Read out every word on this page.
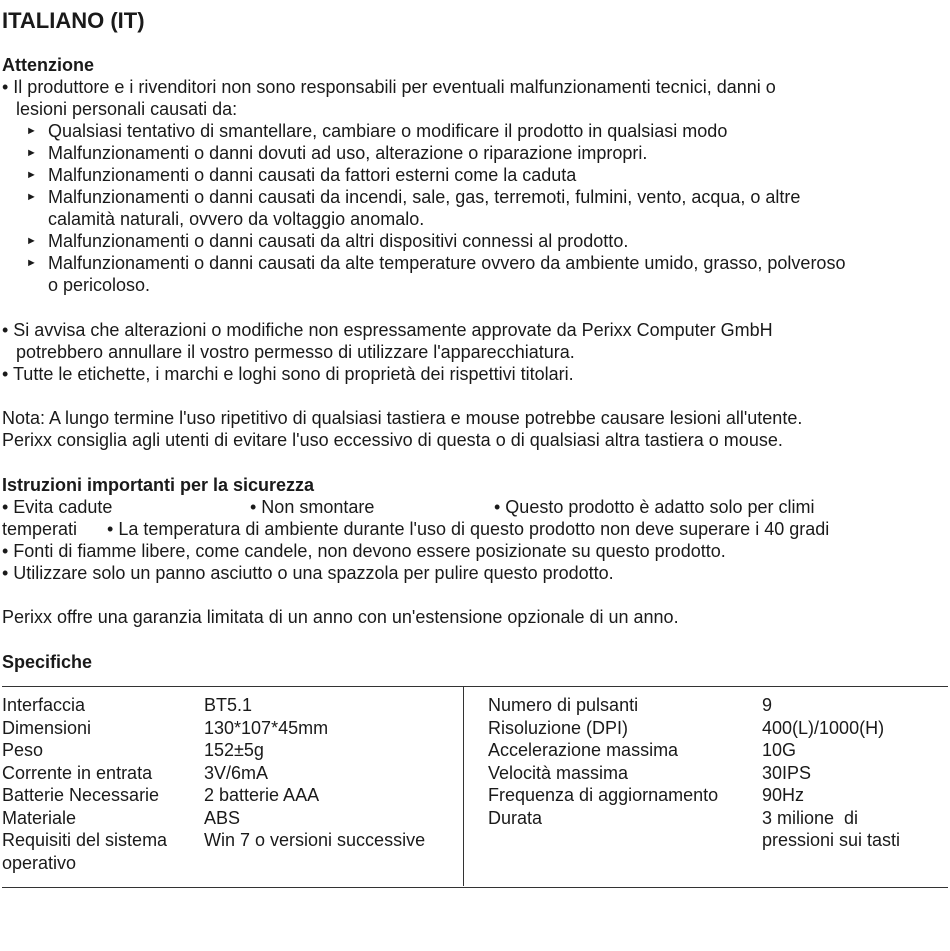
ITALIANO (IT)
Attenzione
• Il produttore e i rivenditori non sono responsabili per eventuali malfunzionamenti tecnici, danni o
lesioni personali causati da:
► Qualsiasi tentativo di smantellare, cambiare o modificare il prodotto in qualsiasi modo
► Malfunzionamenti o danni dovuti ad uso, alterazione o riparazione impropri.
► Malfunzionamenti o danni causati da fattori esterni come la caduta
► Malfunzionamenti o danni causati da incendi, sale, gas, terremoti, fulmini, vento, acqua, o altre
calamità naturali, ovvero da voltaggio anomalo.
► Malfunzionamenti o danni causati da altri dispositivi connessi al prodotto.
► Malfunzionamenti o danni causati da alte temperature ovvero da ambiente umido, grasso, polveroso
o pericoloso.
• Si avvisa che alterazioni o modifiche non espressamente approvate da Perixx Computer GmbH
potrebbero annullare il vostro permesso di utilizzare l'apparecchiatura.
• Tutte le etichette, i marchi e loghi sono di proprietà dei rispettivi titolari.
Nota: A lungo termine l'uso ripetitivo di qualsiasi tastiera e mouse potrebbe causare lesioni all'utente.
Perixx consiglia agli utenti di evitare l'uso eccessivo di questa o di qualsiasi altra tastiera o mouse.
Istruzioni importanti per la sicurezza
• Evita cadute	• Non smontare	• Questo prodotto è adatto solo per climi
temperati      • La temperatura di ambiente durante l'uso di questo prodotto non deve superare i 40 gradi
• Fonti di fiamme libere, come candele, non devono essere posizionate su questo prodotto.
• Utilizzare solo un panno asciutto o una spazzola per pulire questo prodotto.
Perixx offre una garanzia limitata di un anno con un'estensione opzionale di un anno.
Specifiche
Interfaccia
Dimensioni
Peso
Corrente in entrata
Batterie Necessarie
Materiale
Requisiti del sistema
operativo
BT5.1
130*107*45mm
152±5g
3V/6mA
2 batterie AAA
ABS
Win 7 o versioni successive
Numero di pulsanti
Risoluzione (DPI)
Accelerazione massima
Velocità massima
Frequenza di aggiornamento
Durata
9
400(L)/1000(H)
10G
30IPS
90Hz
3 milione  di
pressioni sui tasti
